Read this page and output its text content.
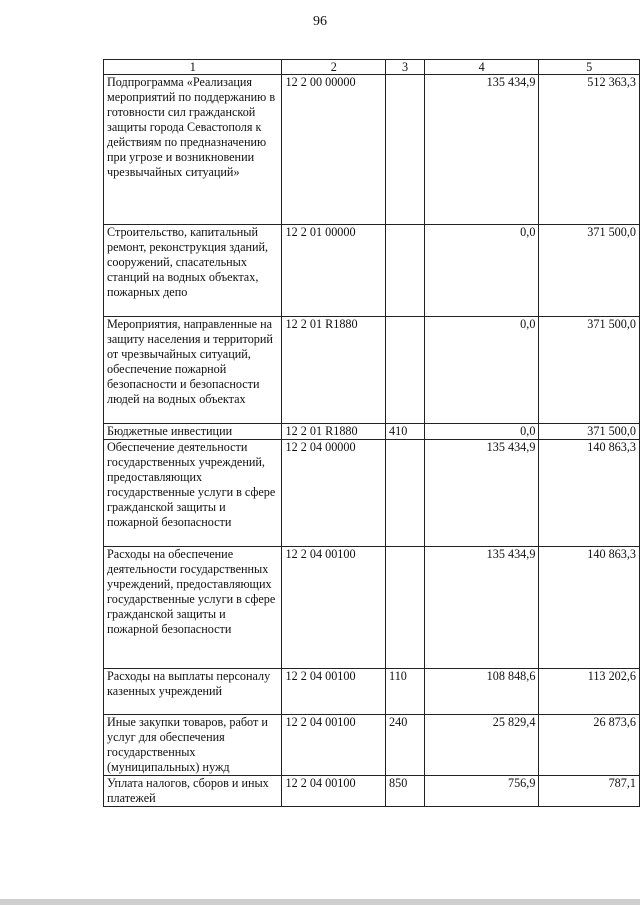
96
1	2	3	4	5
Подпрограмма «Реализация мероприятий по поддержанию в готовности сил гражданской защиты города Севастополя к действиям по предназначению при угрозе и возникновении чрезвычайных ситуаций»	12 2 00 00000		135 434,9	512 363,3
Строительство, капитальный ремонт, реконструкция зданий, сооружений, спасательных станций на водных объектах, пожарных депо	12 2 01 00000		0,0	371 500,0
Мероприятия, направленные на защиту населения и территорий от чрезвычайных ситуаций, обеспечение пожарной безопасности и безопасности людей на водных объектах	12 2 01 R1880		0,0	371 500,0
Бюджетные инвестиции	12 2 01 R1880	410	0,0	371 500,0
Обеспечение деятельности государственных учреждений, предоставляющих государственные услуги в сфере гражданской защиты и пожарной безопасности	12 2 04 00000		135 434,9	140 863,3
Расходы на обеспечение деятельности государственных учреждений, предоставляющих государственные услуги в сфере гражданской защиты и пожарной безопасности	12 2 04 00100		135 434,9	140 863,3
Расходы на выплаты персоналу казенных учреждений	12 2 04 00100	110	108 848,6	113 202,6
Иные закупки товаров, работ и услуг для обеспечения государственных (муниципальных) нужд	12 2 04 00100	240	25 829,4	26 873,6
Уплата налогов, сборов и иных платежей	12 2 04 00100	850	756,9	787,1
